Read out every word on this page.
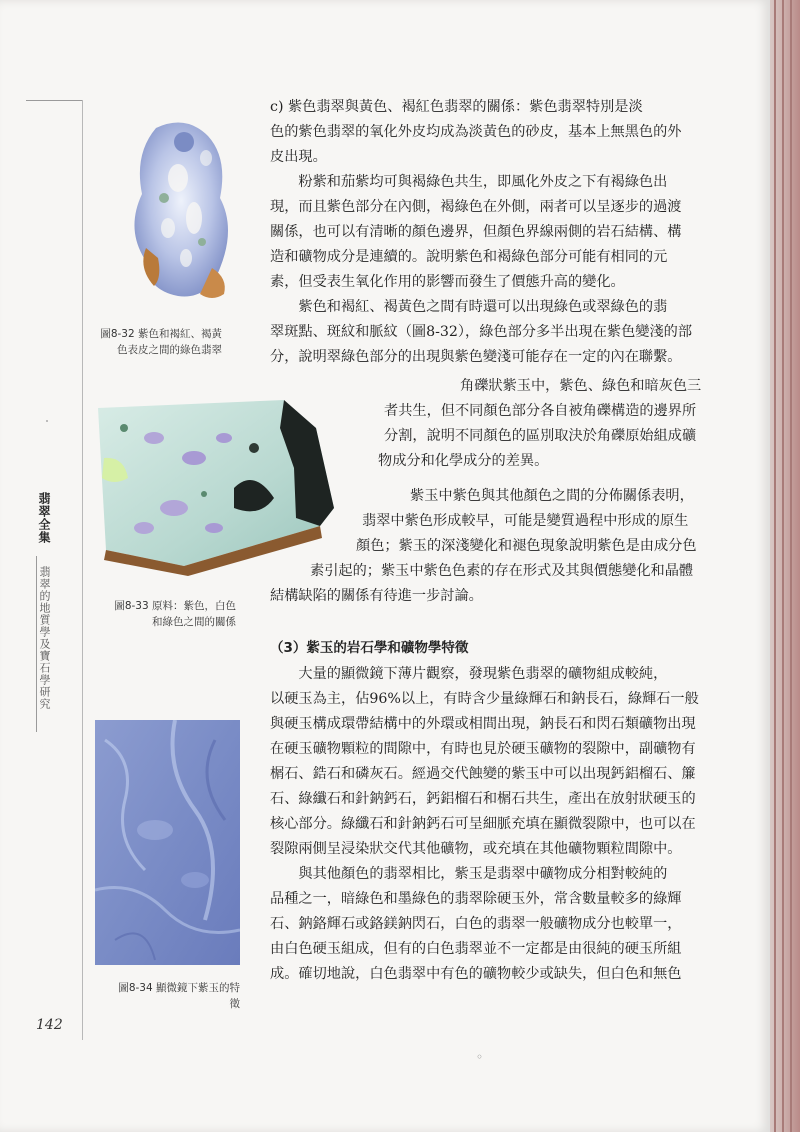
翡翠全集
翡翠的地質學及寶石學研究
圖8-32 紫色和褐紅、褐黃
色表皮之間的綠色翡翠
圖8-33 原料：紫色，白色
和綠色之間的關係
圖8-34 顯微鏡下紫玉的特
徵
c) 紫色翡翠與黃色、褐紅色翡翠的關係：紫色翡翠特別是淡
色的紫色翡翠的氧化外皮均成為淡黃色的砂皮，基本上無黑色的外
皮出現。
　　粉紫和茄紫均可與褐綠色共生，即風化外皮之下有褐綠色出
現，而且紫色部分在內側，褐綠色在外側，兩者可以呈逐步的過渡
關係，也可以有清晰的顏色邊界，但顏色界線兩側的岩石結構、構
造和礦物成分是連續的。說明紫色和褐綠色部分可能有相同的元
素，但受表生氧化作用的影響而發生了價態升高的變化。
　　紫色和褐紅、褐黃色之間有時還可以出現綠色或翠綠色的翡
翠斑點、斑紋和脈紋（圖8-32），綠色部分多半出現在紫色變淺的部
分，說明翠綠色部分的出現與紫色變淺可能存在一定的內在聯繫。
角礫狀紫玉中，紫色、綠色和暗灰色三
者共生，但不同顏色部分各自被角礫構造的邊界所
分割，說明不同顏色的區別取決於角礫原始組成礦
物成分和化學成分的差異。
紫玉中紫色與其他顏色之間的分佈關係表明，
翡翠中紫色形成較早，可能是變質過程中形成的原生
顏色；紫玉的深淺變化和褪色現象說明紫色是由成分色
素引起的；紫玉中紫色色素的存在形式及其與價態變化和晶體
結構缺陷的關係有待進一步討論。
（3）紫玉的岩石學和礦物學特徵
　　大量的顯微鏡下薄片觀察，發現紫色翡翠的礦物組成較純，
以硬玉為主，佔96%以上，有時含少量綠輝石和鈉長石，綠輝石一般
與硬玉構成環帶結構中的外環或相間出現，鈉長石和閃石類礦物出現
在硬玉礦物顆粒的間隙中，有時也見於硬玉礦物的裂隙中，副礦物有
榍石、鋯石和磷灰石。經過交代蝕變的紫玉中可以出現鈣鋁榴石、簾
石、綠纖石和針鈉鈣石，鈣鋁榴石和榍石共生，產出在放射狀硬玉的
核心部分。綠纖石和針鈉鈣石可呈細脈充填在顯微裂隙中，也可以在
裂隙兩側呈浸染狀交代其他礦物，或充填在其他礦物顆粒間隙中。
　　與其他顏色的翡翠相比，紫玉是翡翠中礦物成分相對較純的
品種之一，暗綠色和墨綠色的翡翠除硬玉外，常含數量較多的綠輝
石、鈉鉻輝石或鉻鎂鈉閃石，白色的翡翠一般礦物成分也較單一，
由白色硬玉組成，但有的白色翡翠並不一定都是由很純的硬玉所組
成。確切地說，白色翡翠中有色的礦物較少或缺失，但白色和無色
142
◦
